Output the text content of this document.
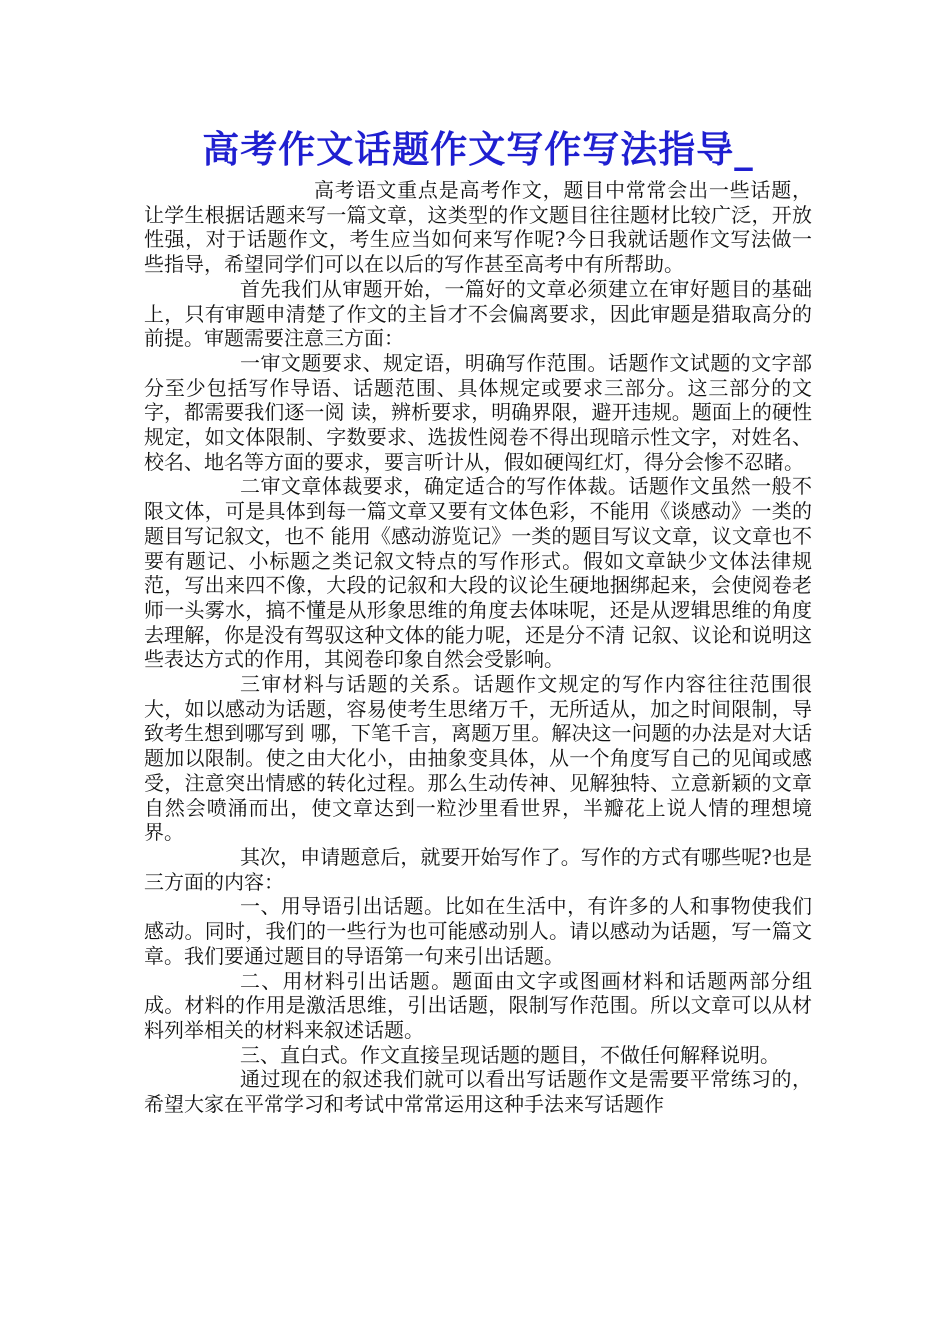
高考作文话题作文写作写法指导_

高考语文重点是高考作文，题目中常常会出一些话题，让学生根据话题来写一篇文章，这类型的作文题目往往题材比较广泛，开放性强，对于话题作文，考生应当如何来写作呢?今日我就话题作文写法做一些指导，希望同学们可以在以后的写作甚至高考中有所帮助。

首先我们从审题开始，一篇好的文章必须建立在审好题目的基础上，只有审题申清楚了作文的主旨才不会偏离要求，因此审题是猎取高分的前提。审题需要注意三方面：

一审文题要求、规定语，明确写作范围。话题作文试题的文字部分至少包括写作导语、话题范围、具体规定或要求三部分。这三部分的文字，都需要我们逐一阅 读，辨析要求，明确界限，避开违规。题面上的硬性规定，如文体限制、字数要求、选拔性阅卷不得出现暗示性文字，对姓名、校名、地名等方面的要求，要言听计从，假如硬闯红灯，得分会惨不忍睹。

二审文章体裁要求，确定适合的写作体裁。话题作文虽然一般不限文体，可是具体到每一篇文章又要有文体色彩，不能用《谈感动》一类的题目写记叙文，也不 能用《感动游览记》一类的题目写议文章，议文章也不要有题记、小标题之类记叙文特点的写作形式。假如文章缺少文体法律规范，写出来四不像，大段的记叙和大段的议论生硬地捆绑起来，会使阅卷老师一头雾水，搞不懂是从形象思维的角度去体味呢，还是从逻辑思维的角度去理解，你是没有驾驭这种文体的能力呢，还是分不清 记叙、议论和说明这些表达方式的作用，其阅卷印象自然会受影响。

三审材料与话题的关系。话题作文规定的写作内容往往范围很大，如以感动为话题，容易使考生思绪万千，无所适从，加之时间限制，导致考生想到哪写到 哪，下笔千言，离题万里。解决这一问题的办法是对大话题加以限制。使之由大化小，由抽象变具体，从一个角度写自己的见闻或感受，注意突出情感的转化过程。那么生动传神、见解独特、立意新颖的文章自然会喷涌而出，使文章达到一粒沙里看世界，半瓣花上说人情的理想境界。

其次，申请题意后，就要开始写作了。写作的方式有哪些呢?也是三方面的内容：

一、用导语引出话题。比如在生活中，有许多的人和事物使我们感动。同时，我们的一些行为也可能感动别人。请以感动为话题，写一篇文章。我们要通过题目的导语第一句来引出话题。

二、用材料引出话题。题面由文字或图画材料和话题两部分组成。材料的作用是激活思维，引出话题，限制写作范围。所以文章可以从材料列举相关的材料来叙述话题。

三、直白式。作文直接呈现话题的题目，不做任何解释说明。

通过现在的叙述我们就可以看出写话题作文是需要平常练习的，希望大家在平常学习和考试中常常运用这种手法来写话题作
